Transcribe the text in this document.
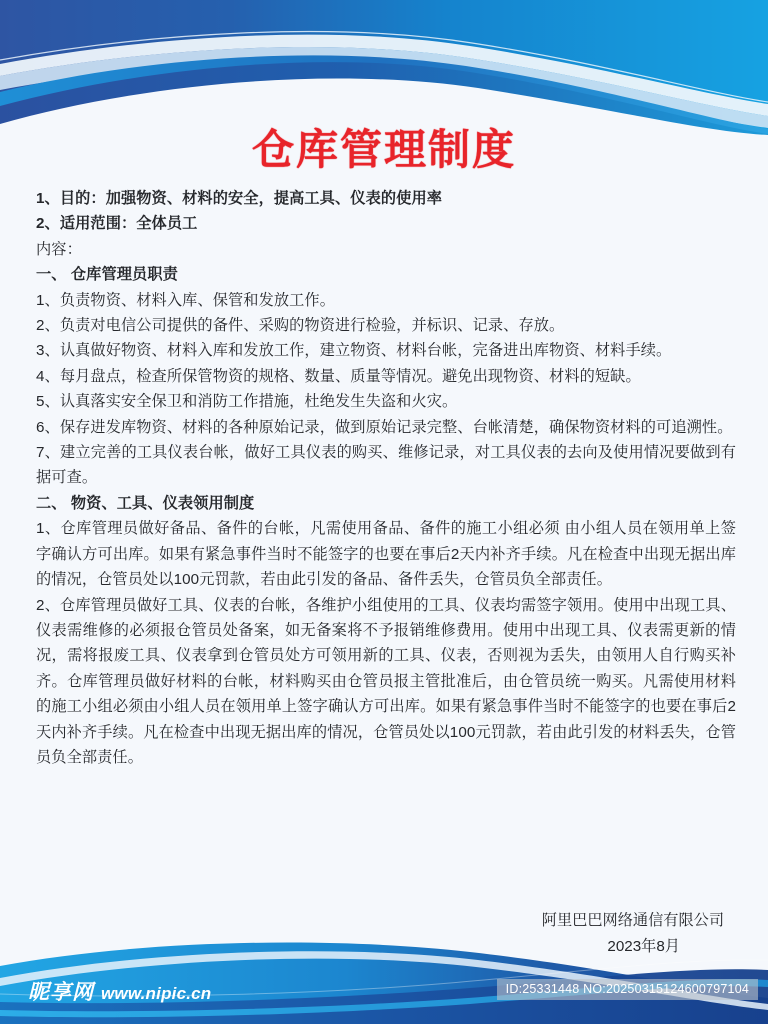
仓库管理制度
1、目的：加强物资、材料的安全，提高工具、仪表的使用率
2、适用范围：全体员工
内容：
一、 仓库管理员职责
1、负责物资、材料入库、保管和发放工作。
2、负责对电信公司提供的备件、采购的物资进行检验，并标识、记录、存放。
3、认真做好物资、材料入库和发放工作，建立物资、材料台帐，完备进出库物资、材料手续。
4、每月盘点，检查所保管物资的规格、数量、质量等情况。避免出现物资、材料的短缺。
5、认真落实安全保卫和消防工作措施，杜绝发生失盗和火灾。
6、保存进发库物资、材料的各种原始记录，做到原始记录完整、台帐清楚，确保物资材料的可追溯性。
7、建立完善的工具仪表台帐，做好工具仪表的购买、维修记录，对工具仪表的去向及使用情况要做到有据可查。
二、 物资、工具、仪表领用制度
1、仓库管理员做好备品、备件的台帐，凡需使用备品、备件的施工小组必须 由小组人员在领用单上签字确认方可出库。如果有紧急事件当时不能签字的也要在事后2天内补齐手续。凡在检查中出现无据出库的情况，仓管员处以100元罚款，若由此引发的备品、备件丢失，仓管员负全部责任。
2、仓库管理员做好工具、仪表的台帐，各维护小组使用的工具、仪表均需签字领用。使用中出现工具、仪表需维修的必须报仓管员处备案，如无备案将不予报销维修费用。使用中出现工具、仪表需更新的情况，需将报废工具、仪表拿到仓管员处方可领用新的工具、仪表，否则视为丢失，由领用人自行购买补齐。仓库管理员做好材料的台帐，材料购买由仓管员报主管批准后，由仓管员统一购买。凡需使用材料的施工小组必须由小组人员在领用单上签字确认方可出库。如果有紧急事件当时不能签字的也要在事后2天内补齐手续。凡在检查中出现无据出库的情况，仓管员处以100元罚款，若由此引发的材料丢失，仓管员负全部责任。
阿里巴巴网络通信有限公司
2023年8月
昵享网 www.nipic.cn	ID:25331448 NO:20250315124600797104
